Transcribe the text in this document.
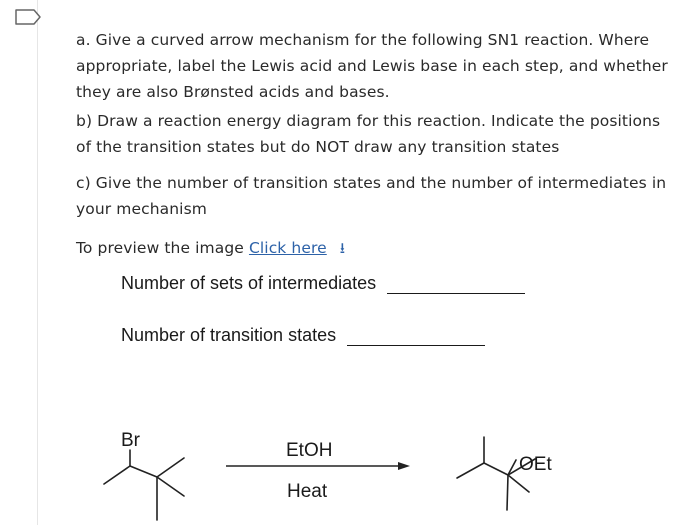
a. Give a curved arrow mechanism for the following SN1 reaction. Where
appropriate, label the Lewis acid and Lewis base in each step, and whether
they are also Brønsted acids and bases.
b) Draw a reaction energy diagram for this reaction. Indicate the positions
of the transition states but do NOT draw any transition states
c) Give the number of transition states and the number of intermediates in
your mechanism
To preview the image Click here ⭳
Number of sets of intermediates
Number of transition states
Br	EtOH
Heat
OEt
